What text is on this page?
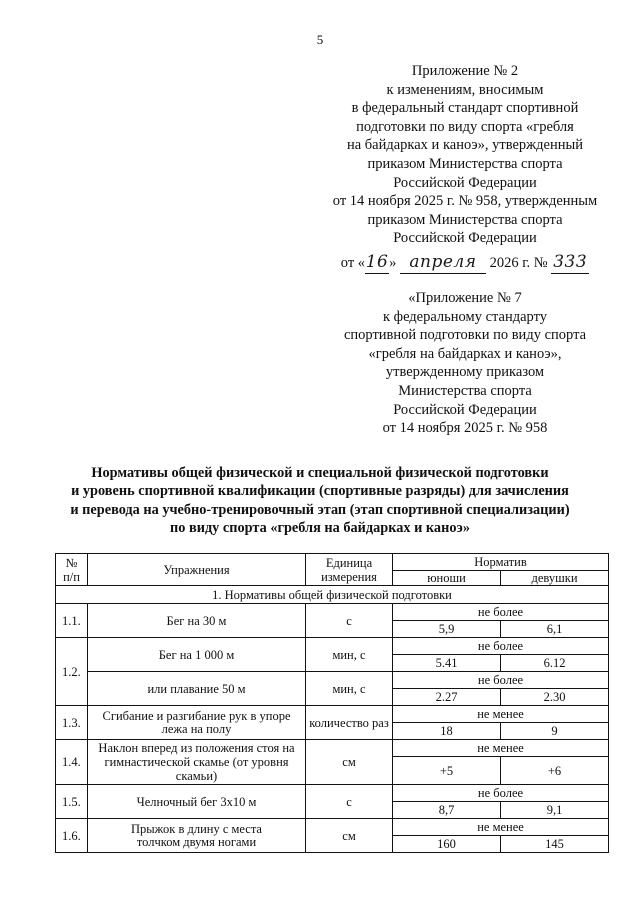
5
Приложение № 2
к изменениям, вносимым
в федеральный стандарт спортивной
подготовки по виду спорта «гребля
на байдарках и каноэ», утвержденный
приказом Министерства спорта
Российской Федерации
от 14 ноября 2025 г. № 958, утвержденным
приказом Министерства спорта
Российской Федерации
от «16» апреля 2026 г. № 333
«Приложение № 7
к федеральному стандарту
спортивной подготовки по виду спорта
«гребля на байдарках и каноэ»,
утвержденному приказом
Министерства спорта
Российской Федерации
от 14 ноября 2025 г. № 958
Нормативы общей физической и специальной физической подготовки
и уровень спортивной квалификации (спортивные разряды) для зачисления
и перевода на учебно-тренировочный этап (этап спортивной специализации)
по виду спорта «гребля на байдарках и каноэ»
№ п/п	Упражнения	Единица измерения	Норматив	
			юноши	девушки
1. Нормативы общей физической подготовки				
1.1.	Бег на 30 м	с	не более	
			5,9	6,1
1.2.	Бег на 1 000 м	мин, с	не более	
			5.41	6.12
	или плавание 50 м	мин, с	не более	
			2.27	2.30
1.3.	Сгибание и разгибание рук в упоре лежа на полу	количество раз	не менее	
			18	9
1.4.	Наклон вперед из положения стоя на гимнастической скамье (от уровня скамьи)	см	не менее	
			+5	+6
1.5.	Челночный бег 3х10 м	с	не более	
			8,7	9,1
1.6.	Прыжок в длину с места толчком двумя ногами	см	не менее	
			160	145
